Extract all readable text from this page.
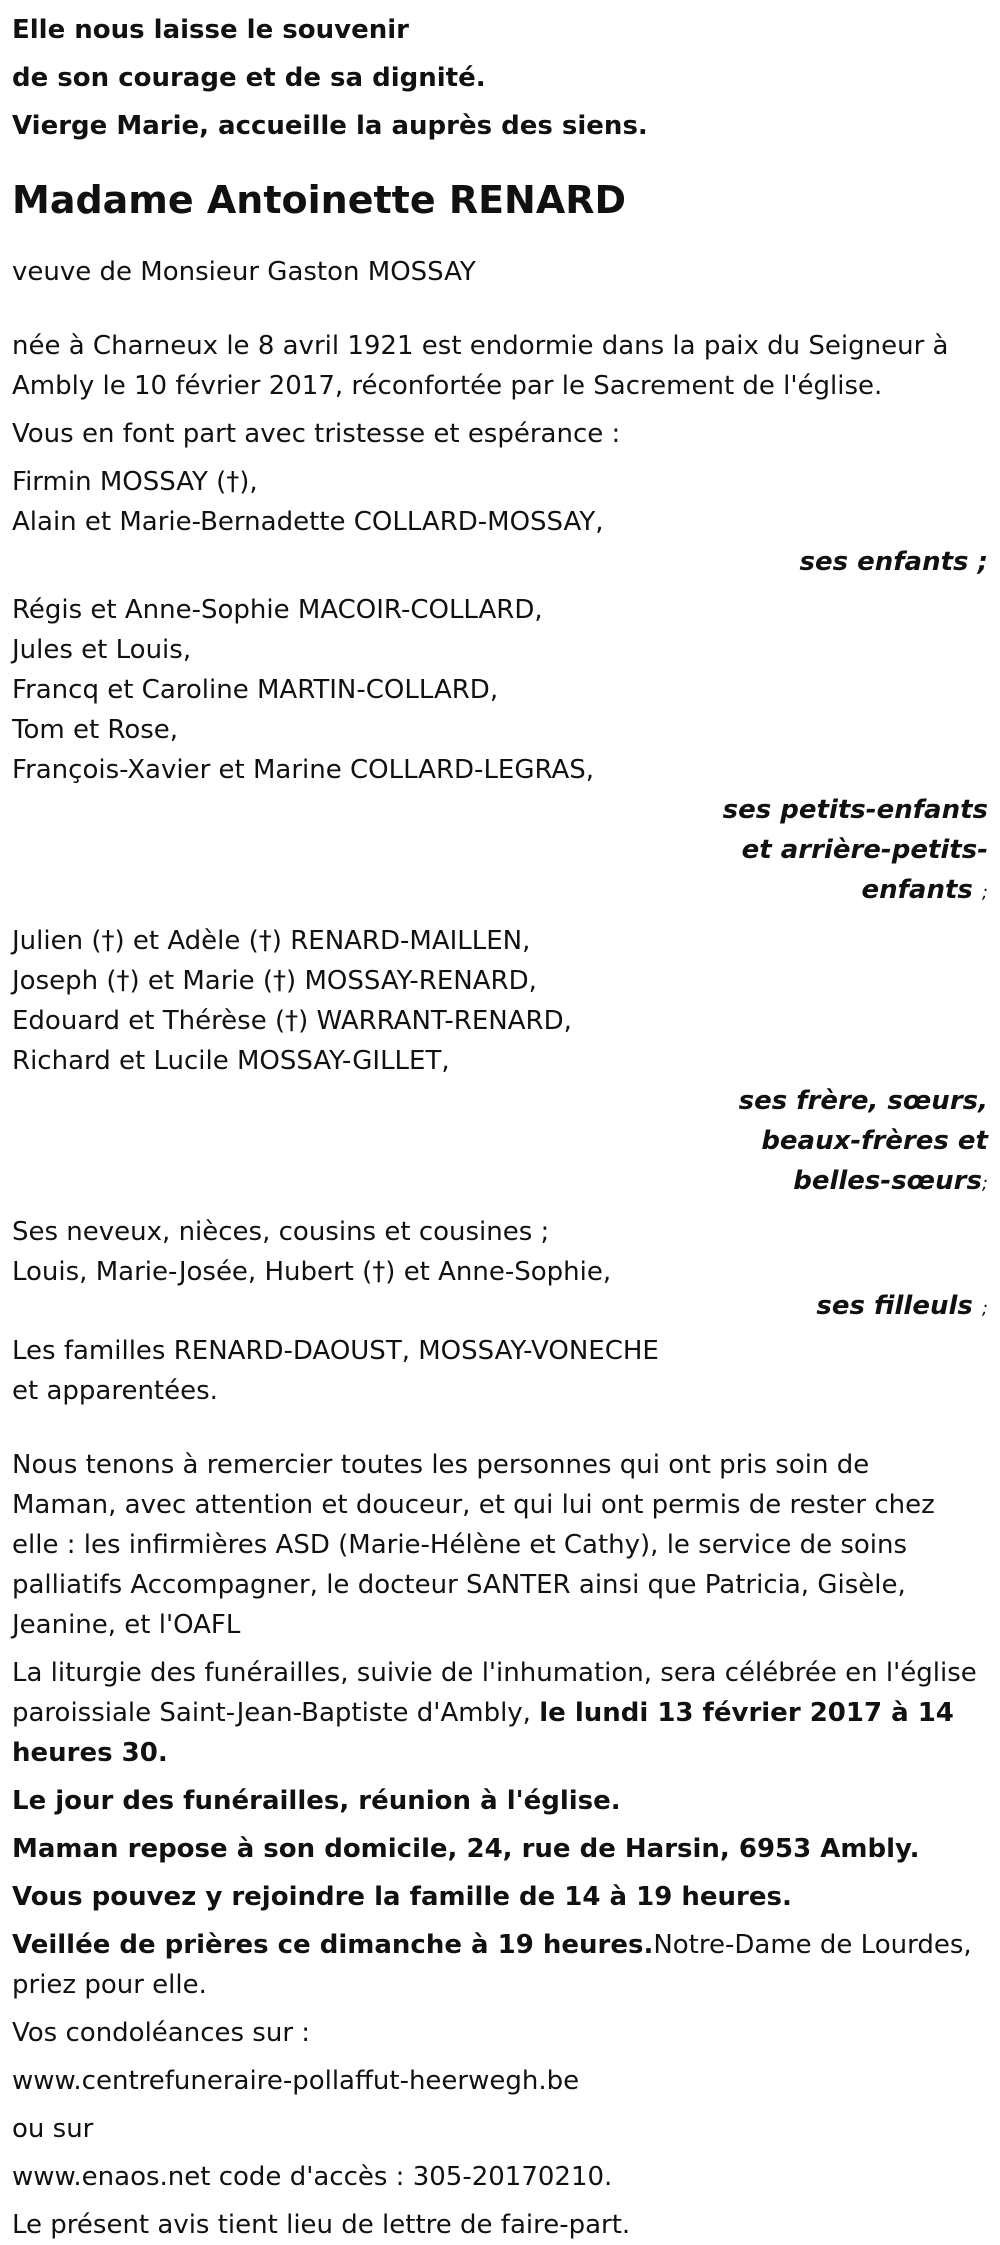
Elle nous laisse le souvenir

de son courage et de sa dignité.

Vierge Marie, accueille la auprès des siens.

Madame Antoinette RENARD

veuve de Monsieur Gaston MOSSAY

née à Charneux le 8 avril 1921 est endormie dans la paix du Seigneur à

Ambly le 10 février 2017, réconfortée par le Sacrement de l'église.

Vous en font part avec tristesse et espérance :

Firmin MOSSAY (†),

Alain et Marie-Bernadette COLLARD-MOSSAY,

ses enfants ;

Régis et Anne-Sophie MACOIR-COLLARD,

Jules et Louis,

Francq et Caroline MARTIN-COLLARD,

Tom et Rose,

François-Xavier et Marine COLLARD-LEGRAS,

ses petits-enfants

et arrière-petits-

enfants ;

Julien (†) et Adèle (†) RENARD-MAILLEN,

Joseph (†) et Marie (†) MOSSAY-RENARD,

Edouard et Thérèse (†) WARRANT-RENARD,

Richard et Lucile MOSSAY-GILLET,

ses frère, sœurs,

beaux-frères et

belles-sœurs;

Ses neveux, nièces, cousins et cousines ;

Louis, Marie-Josée, Hubert (†) et Anne-Sophie,

ses filleuls ;

Les familles RENARD-DAOUST, MOSSAY-VONECHE

et apparentées.

Nous tenons à remercier toutes les personnes qui ont pris soin de

Maman, avec attention et douceur, et qui lui ont permis de rester chez

elle : les infirmières ASD (Marie-Hélène et Cathy), le service de soins

palliatifs Accompagner, le docteur SANTER ainsi que Patricia, Gisèle,

Jeanine, et l'OAFL

La liturgie des funérailles, suivie de l'inhumation, sera célébrée en l'église

paroissiale Saint-Jean-Baptiste d'Ambly, le lundi 13 février 2017 à 14

heures 30.

Le jour des funérailles, réunion à l'église.

Maman repose à son domicile, 24, rue de Harsin, 6953 Ambly.

Vous pouvez y rejoindre la famille de 14 à 19 heures.

Veillée de prières ce dimanche à 19 heures.Notre-Dame de Lourdes,

priez pour elle.

Vos condoléances sur :

www.centrefuneraire-pollaffut-heerwegh.be

ou sur

www.enaos.net code d'accès : 305-20170210.

Le présent avis tient lieu de lettre de faire-part.
